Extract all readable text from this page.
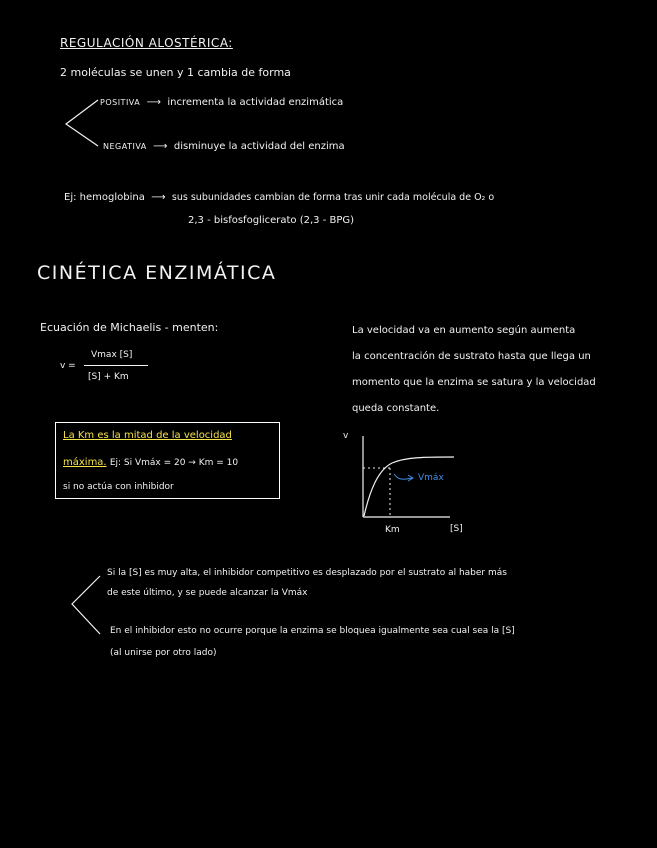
REGULACIÓN ALOSTÉRICA:
2 moléculas se unen y 1 cambia de forma
POSITIVA  ⟶  incrementa la actividad enzimática
NEGATIVA  ⟶  disminuye la actividad del enzima
Ej: hemoglobina  ⟶  sus subunidades cambian de forma tras unir cada molécula de O₂ o
2,3 - bisfosfoglicerato (2,3 - BPG)
CINÉTICA ENZIMÁTICA
Ecuación de Michaelis - menten:
v =
Vmax [S]
[S] + Km
La velocidad va en aumento según aumenta
la concentración de sustrato hasta que llega un
momento que la enzima se satura y la velocidad
queda constante.
La Km es la mitad de la velocidad
máxima. Ej: Si Vmáx = 20 → Km = 10
si no actúa con inhibidor
v
[S]
Km
Vmáx
Si la [S] es muy alta, el inhibidor competitivo es desplazado por el sustrato al haber más
de este último, y se puede alcanzar la Vmáx
En el inhibidor esto no ocurre porque la enzima se bloquea igualmente sea cual sea la [S]
(al unirse por otro lado)
